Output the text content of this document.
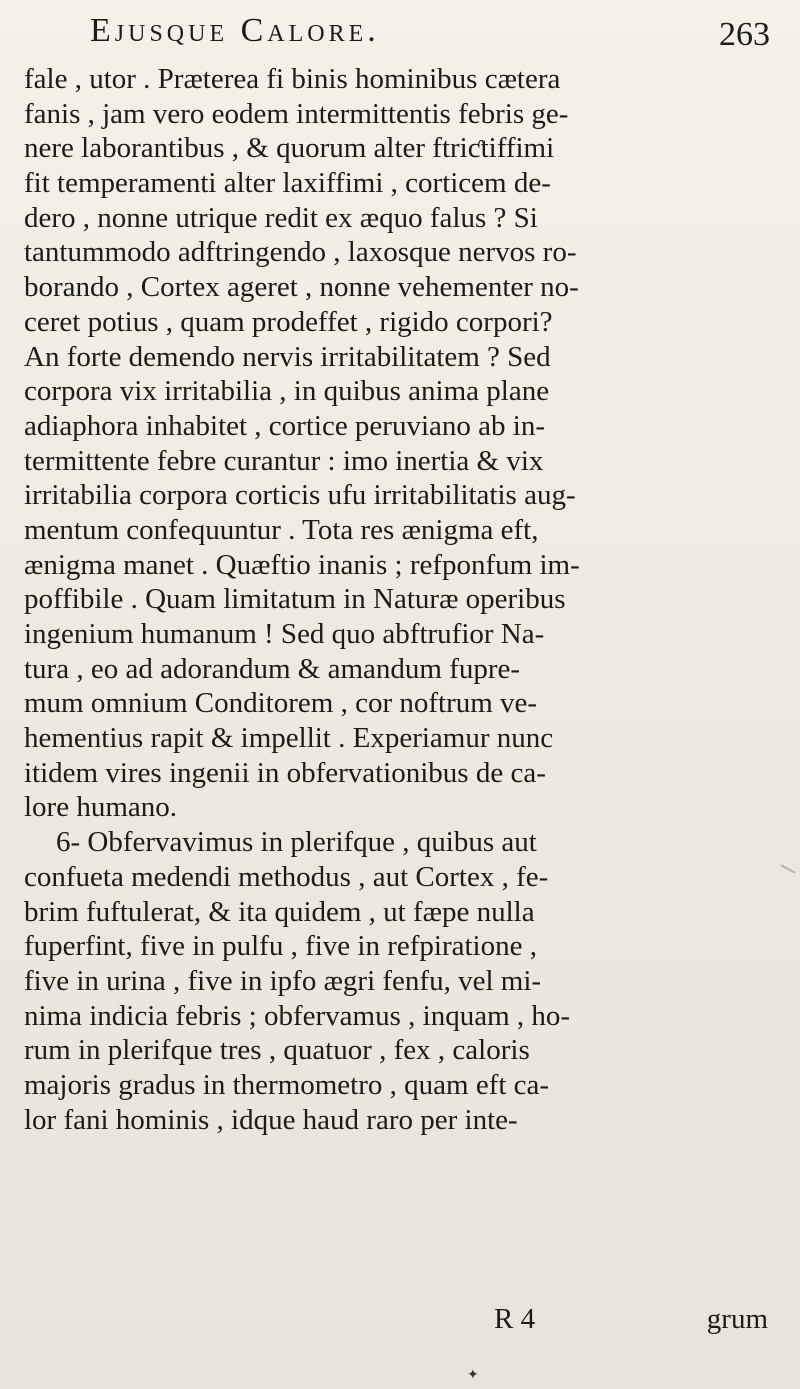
Ejusque Calore.	263
fale , utor . Præterea fi binis hominibus cætera
fanis , jam vero eodem intermittentis febris ge-
nere laborantibus , & quorum alter ftriƈtiffimi
fit temperamenti alter laxiffimi , corticem de-
dero , nonne utrique redit ex æquo falus ? Si
tantummodo adftringendo , laxosque nervos ro-
borando , Cortex ageret , nonne vehementer no-
ceret potius , quam prodeffet , rigido corpori?
An forte demendo nervis irritabilitatem ? Sed
corpora vix irritabilia , in quibus anima plane
adiaphora inhabitet , cortice peruviano ab in-
termittente febre curantur : imo inertia & vix
irritabilia corpora corticis ufu irritabilitatis aug-
mentum confequuntur . Tota res ænigma eft,
ænigma manet . Quæftio inanis ; refponfum im-
poffibile . Quam limitatum in Naturæ operibus
ingenium humanum ! Sed quo abftrufior Na-
tura , eo ad adorandum & amandum fupre-
mum omnium Conditorem , cor noftrum ve-
hementius rapit & impellit . Experiamur nunc
itidem vires ingenii in obfervationibus de ca-
lore humano.
6- Obfervavimus in plerifque , quibus aut
confueta medendi methodus , aut Cortex , fe-
brim fuftulerat, & ita quidem , ut fæpe nulla
fuperfint, five in pulfu , five in refpiratione ,
five in urina , five in ipfo ægri fenfu, vel mi-
nima indicia febris ; obfervamus , inquam , ho-
rum in plerifque tres , quatuor , fex , caloris
majoris gradus in thermometro , quam eft ca-
lor fani hominis , idque haud raro per inte-
R 4	grum
✦
